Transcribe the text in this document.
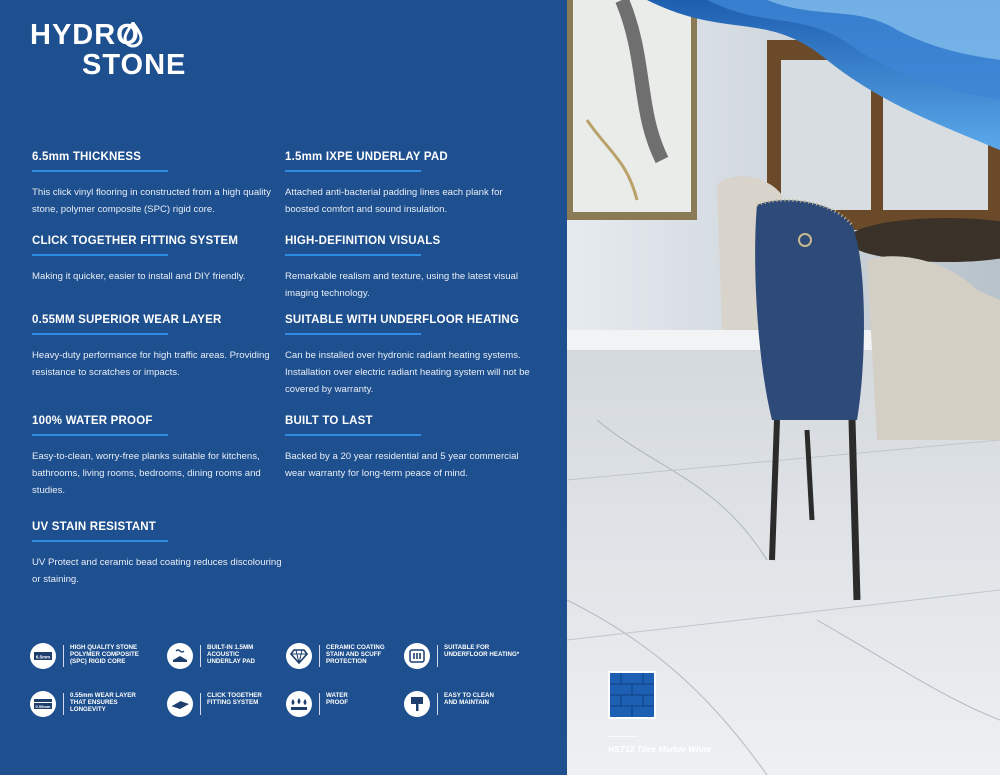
HYDRO
STONE
6.5mm THICKNESS

This click vinyl flooring in constructed from a high quality stone, polymer composite (SPC) rigid core.

1.5mm IXPE UNDERLAY PAD

Attached anti-bacterial padding lines each plank for boosted comfort and sound insulation.

CLICK TOGETHER FITTING SYSTEM

Making it quicker, easier to install and DIY friendly.

HIGH-DEFINITION VISUALS

Remarkable realism and texture, using the latest visual imaging technology.

0.55MM SUPERIOR WEAR LAYER

Heavy-duty performance for high traffic areas. Providing resistance to scratches or impacts.

SUITABLE WITH UNDERFLOOR HEATING

Can be installed over hydronic radiant heating systems. Installation over electric radiant heating system will not be covered by warranty.

100% WATER PROOF

Easy-to-clean, worry-free planks suitable for kitchens, bathrooms, living rooms, bedrooms, dining rooms and studies.

BUILT TO LAST

Backed by a 20 year residential and 5 year commercial wear warranty for long-term peace of mind.

UV STAIN RESISTANT

UV Protect and ceramic bead coating reduces discolouring or staining.

6.5mm
HIGH QUALITY STONE
POLYMER COMPOSITE
(SPC) RIGID CORE
BUILT-IN 1.5MM
ACOUSTIC
UNDERLAY PAD
CERAMIC COATING
STAIN AND SCUFF
PROTECTION
SUITABLE FOR
UNDERFLOOR HEATING*
0.55mm
0.55mm WEAR LAYER
THAT ENSURES
LONGEVITY
CLICK TOGETHER
FITTING SYSTEM
WATER
PROOF
EASY TO CLEAN
AND MAINTAIN
HST12 Tiles Marble White
